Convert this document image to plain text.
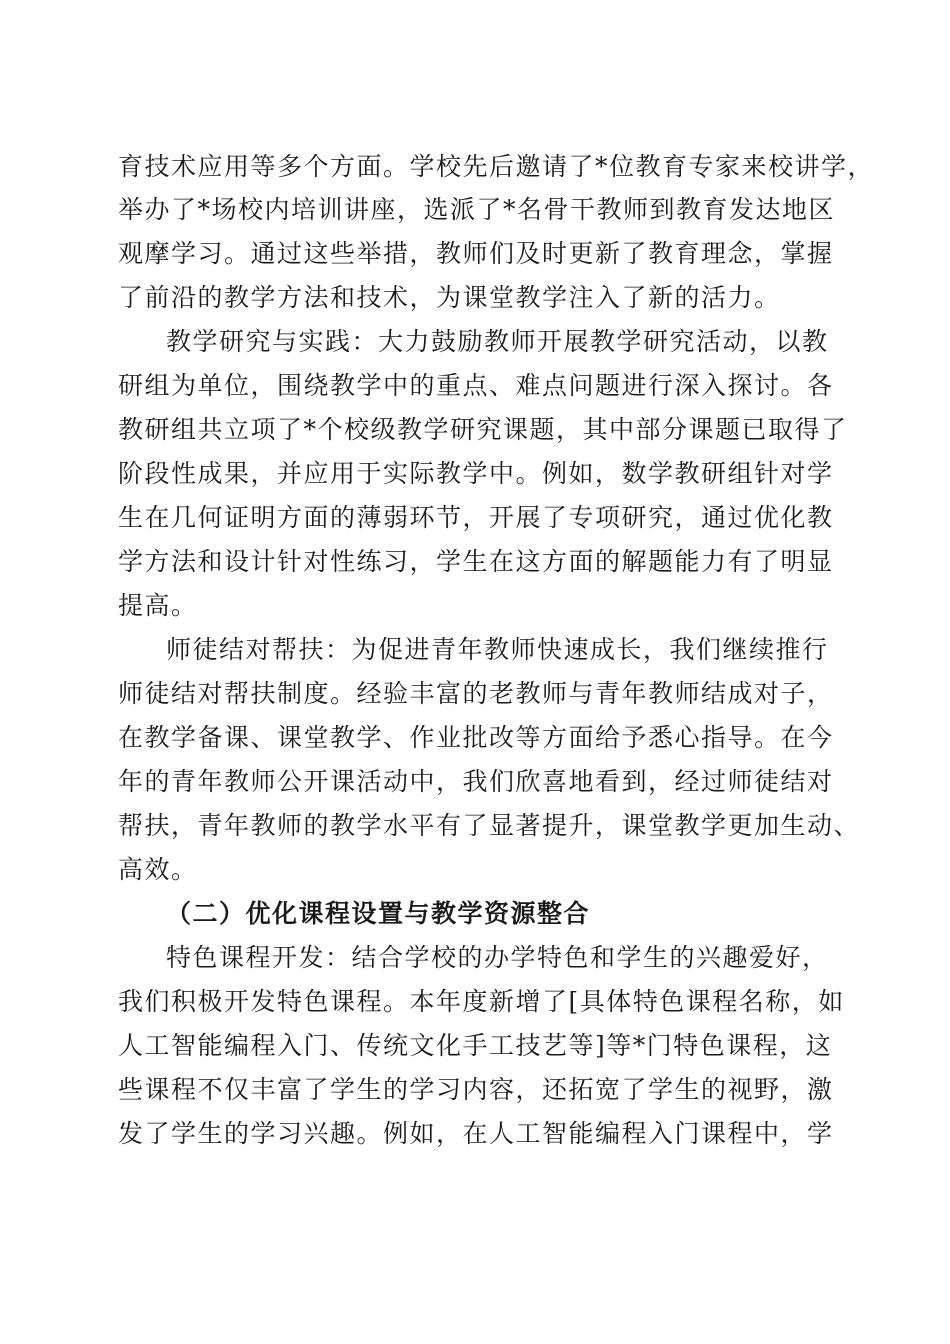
育技术应用等多个方面。学校先后邀请了*位教育专家来校讲学，
举办了*场校内培训讲座，选派了*名骨干教师到教育发达地区
观摩学习。通过这些举措，教师们及时更新了教育理念，掌握
了前沿的教学方法和技术，为课堂教学注入了新的活力。
教学研究与实践：大力鼓励教师开展教学研究活动，以教
研组为单位，围绕教学中的重点、难点问题进行深入探讨。各
教研组共立项了*个校级教学研究课题，其中部分课题已取得了
阶段性成果，并应用于实际教学中。例如，数学教研组针对学
生在几何证明方面的薄弱环节，开展了专项研究，通过优化教
学方法和设计针对性练习，学生在这方面的解题能力有了明显
提高。
师徒结对帮扶：为促进青年教师快速成长，我们继续推行
师徒结对帮扶制度。经验丰富的老教师与青年教师结成对子，
在教学备课、课堂教学、作业批改等方面给予悉心指导。在今
年的青年教师公开课活动中，我们欣喜地看到，经过师徒结对
帮扶，青年教师的教学水平有了显著提升，课堂教学更加生动、
高效。
（二）优化课程设置与教学资源整合
特色课程开发：结合学校的办学特色和学生的兴趣爱好，
我们积极开发特色课程。本年度新增了[具体特色课程名称，如
人工智能编程入门、传统文化手工技艺等]等*门特色课程，这
些课程不仅丰富了学生的学习内容，还拓宽了学生的视野，激
发了学生的学习兴趣。例如，在人工智能编程入门课程中，学
